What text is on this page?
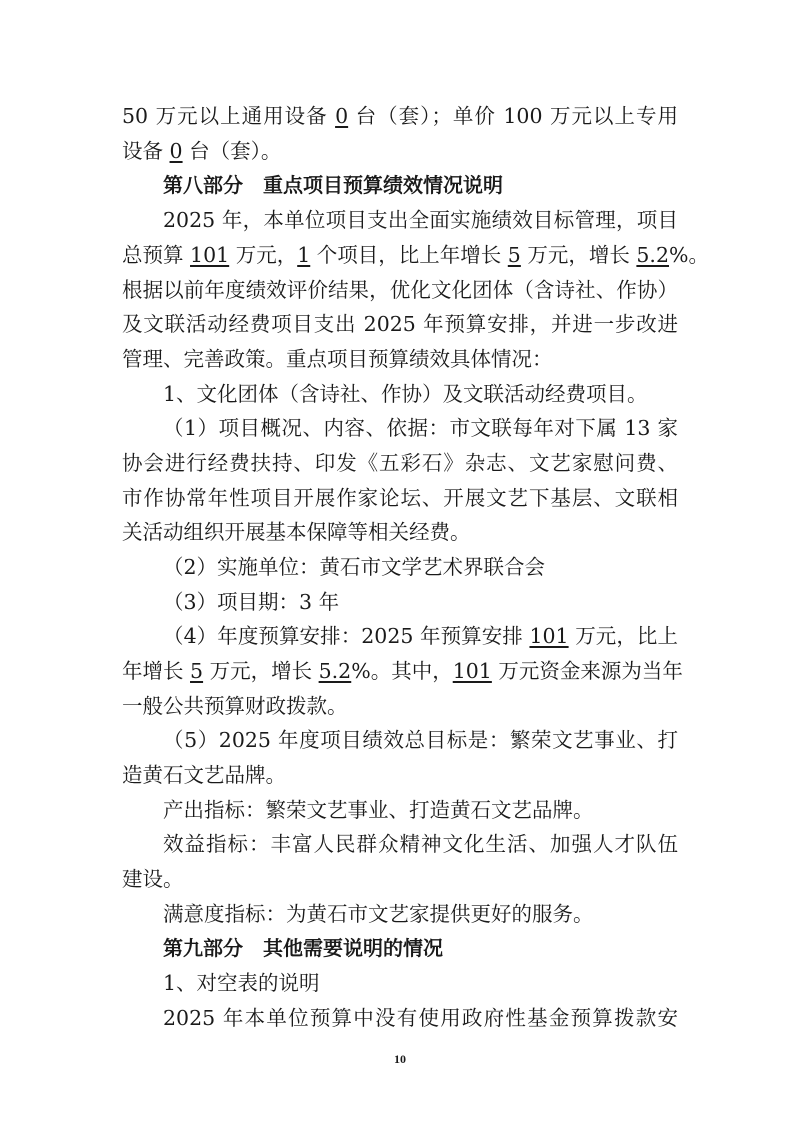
50 万元以上通用设备 0 台（套）；单价 100 万元以上专用
设备 0 台（套）。
第八部分　重点项目预算绩效情况说明
2025 年，本单位项目支出全面实施绩效目标管理，项目
总预算 101 万元，1 个项目，比上年增长 5 万元，增长 5.2%。
根据以前年度绩效评价结果，优化文化团体（含诗社、作协）
及文联活动经费项目支出 2025 年预算安排，并进一步改进
管理、完善政策。重点项目预算绩效具体情况：
1、文化团体（含诗社、作协）及文联活动经费项目。
（1）项目概况、内容、依据：市文联每年对下属 13 家
协会进行经费扶持、印发《五彩石》杂志、文艺家慰问费、
市作协常年性项目开展作家论坛、开展文艺下基层、文联相
关活动组织开展基本保障等相关经费。
（2）实施单位：黄石市文学艺术界联合会
（3）项目期：3 年
（4）年度预算安排：2025 年预算安排 101 万元，比上
年增长 5 万元，增长 5.2%。其中，101 万元资金来源为当年
一般公共预算财政拨款。
（5）2025 年度项目绩效总目标是：繁荣文艺事业、打
造黄石文艺品牌。
产出指标：繁荣文艺事业、打造黄石文艺品牌。
效益指标：丰富人民群众精神文化生活、加强人才队伍
建设。
满意度指标：为黄石市文艺家提供更好的服务。
第九部分　其他需要说明的情况
1、对空表的说明
2025 年本单位预算中没有使用政府性基金预算拨款安
10
